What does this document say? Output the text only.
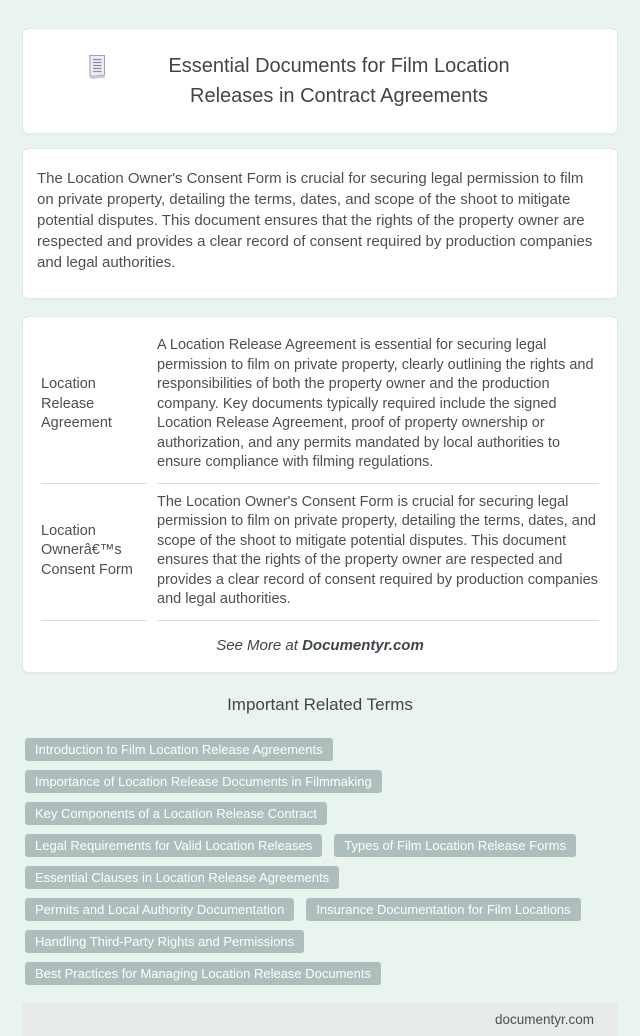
Essential Documents for Film Location Releases in Contract Agreements

The Location Owner's Consent Form is crucial for securing legal permission to film on private property, detailing the terms, dates, and scope of the shoot to mitigate potential disputes. This document ensures that the rights of the property owner are respected and provides a clear record of consent required by production companies and legal authorities.

Location Release Agreement	A Location Release Agreement is essential for securing legal permission to film on private property, clearly outlining the rights and responsibilities of both the property owner and the production company. Key documents typically required include the signed Location Release Agreement, proof of property ownership or authorization, and any permits mandated by local authorities to ensure compliance with filming regulations.
Location Ownerâ€™s Consent Form	The Location Owner's Consent Form is crucial for securing legal permission to film on private property, detailing the terms, dates, and scope of the shoot to mitigate potential disputes. This document ensures that the rights of the property owner are respected and provides a clear record of consent required by production companies and legal authorities.
See More at Documentyr.com
Important Related Terms
Introduction to Film Location Release Agreements
Importance of Location Release Documents in Filmmaking
Key Components of a Location Release Contract
Legal Requirements for Valid Location Releases	Types of Film Location Release Forms
Essential Clauses in Location Release Agreements
Permits and Local Authority Documentation	Insurance Documentation for Film Locations
Handling Third-Party Rights and Permissions
Best Practices for Managing Location Release Documents
documentyr.com
